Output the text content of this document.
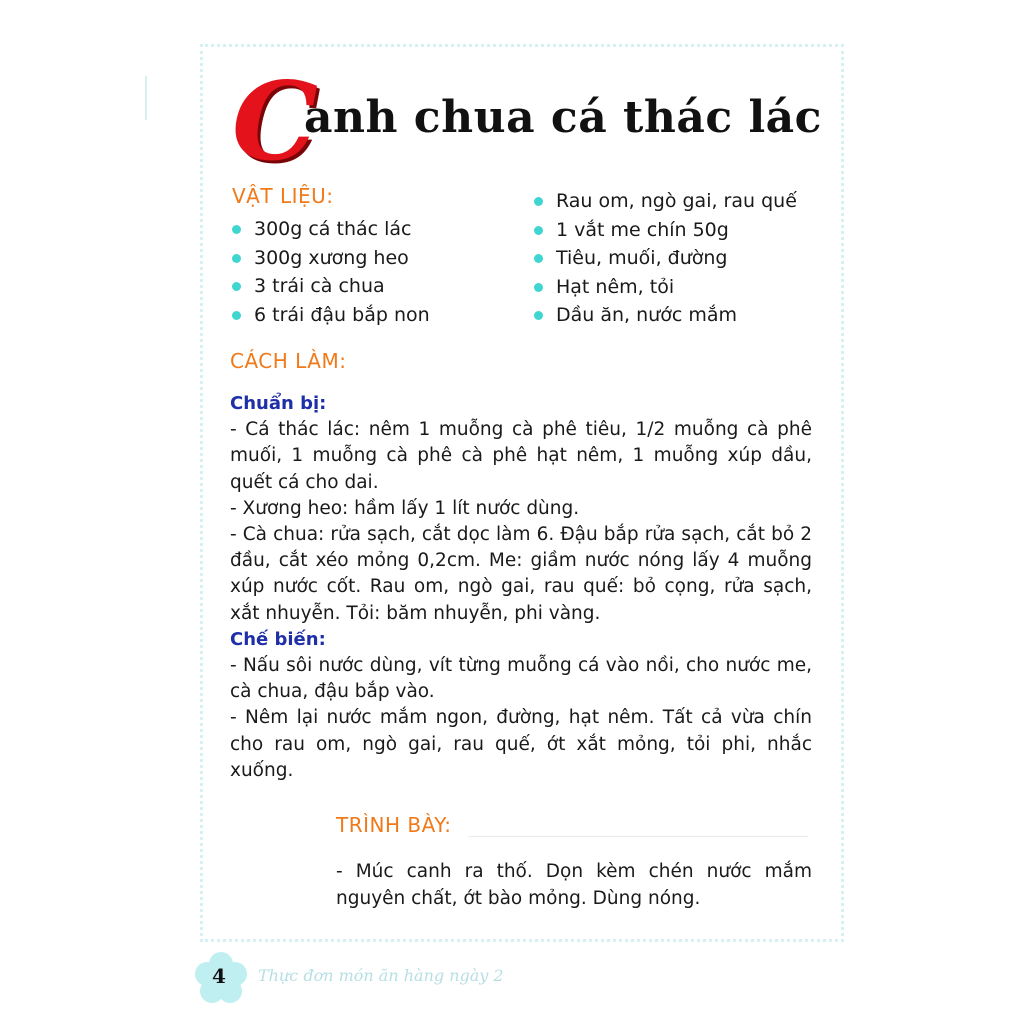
C
anh chua cá thác lác
VẬT LIỆU:
300g cá thác lác
300g xương heo
3 trái cà chua
6 trái đậu bắp non
Rau om, ngò gai, rau quế
1 vắt me chín 50g
Tiêu, muối, đường
Hạt nêm, tỏi
Dầu ăn, nước mắm
CÁCH LÀM:
Chuẩn bị:

- Cá thác lác: nêm 1 muỗng cà phê tiêu, 1/2 muỗng cà phê muối, 1 muỗng cà phê cà phê hạt nêm, 1 muỗng xúp dầu, quết cá cho dai.

- Xương heo: hầm lấy 1 lít nước dùng.

- Cà chua: rửa sạch, cắt dọc làm 6. Đậu bắp rửa sạch, cắt bỏ 2 đầu, cắt xéo mỏng 0,2cm. Me: giầm nước nóng lấy 4 muỗng xúp nước cốt. Rau om, ngò gai, rau quế: bỏ cọng, rửa sạch, xắt nhuyễn. Tỏi: băm nhuyễn, phi vàng.

Chế biến:

- Nấu sôi nước dùng, vít từng muỗng cá vào nồi, cho nước me, cà chua, đậu bắp vào.

- Nêm lại nước mắm ngon, đường, hạt nêm. Tất cả vừa chín cho rau om, ngò gai, rau quế, ớt xắt mỏng, tỏi phi, nhắc xuống.

TRÌNH BÀY:

- Múc canh ra thố. Dọn kèm chén nước mắm nguyên chất, ớt bào mỏng. Dùng nóng.

4 Thực đơn món ăn hàng ngày 2
